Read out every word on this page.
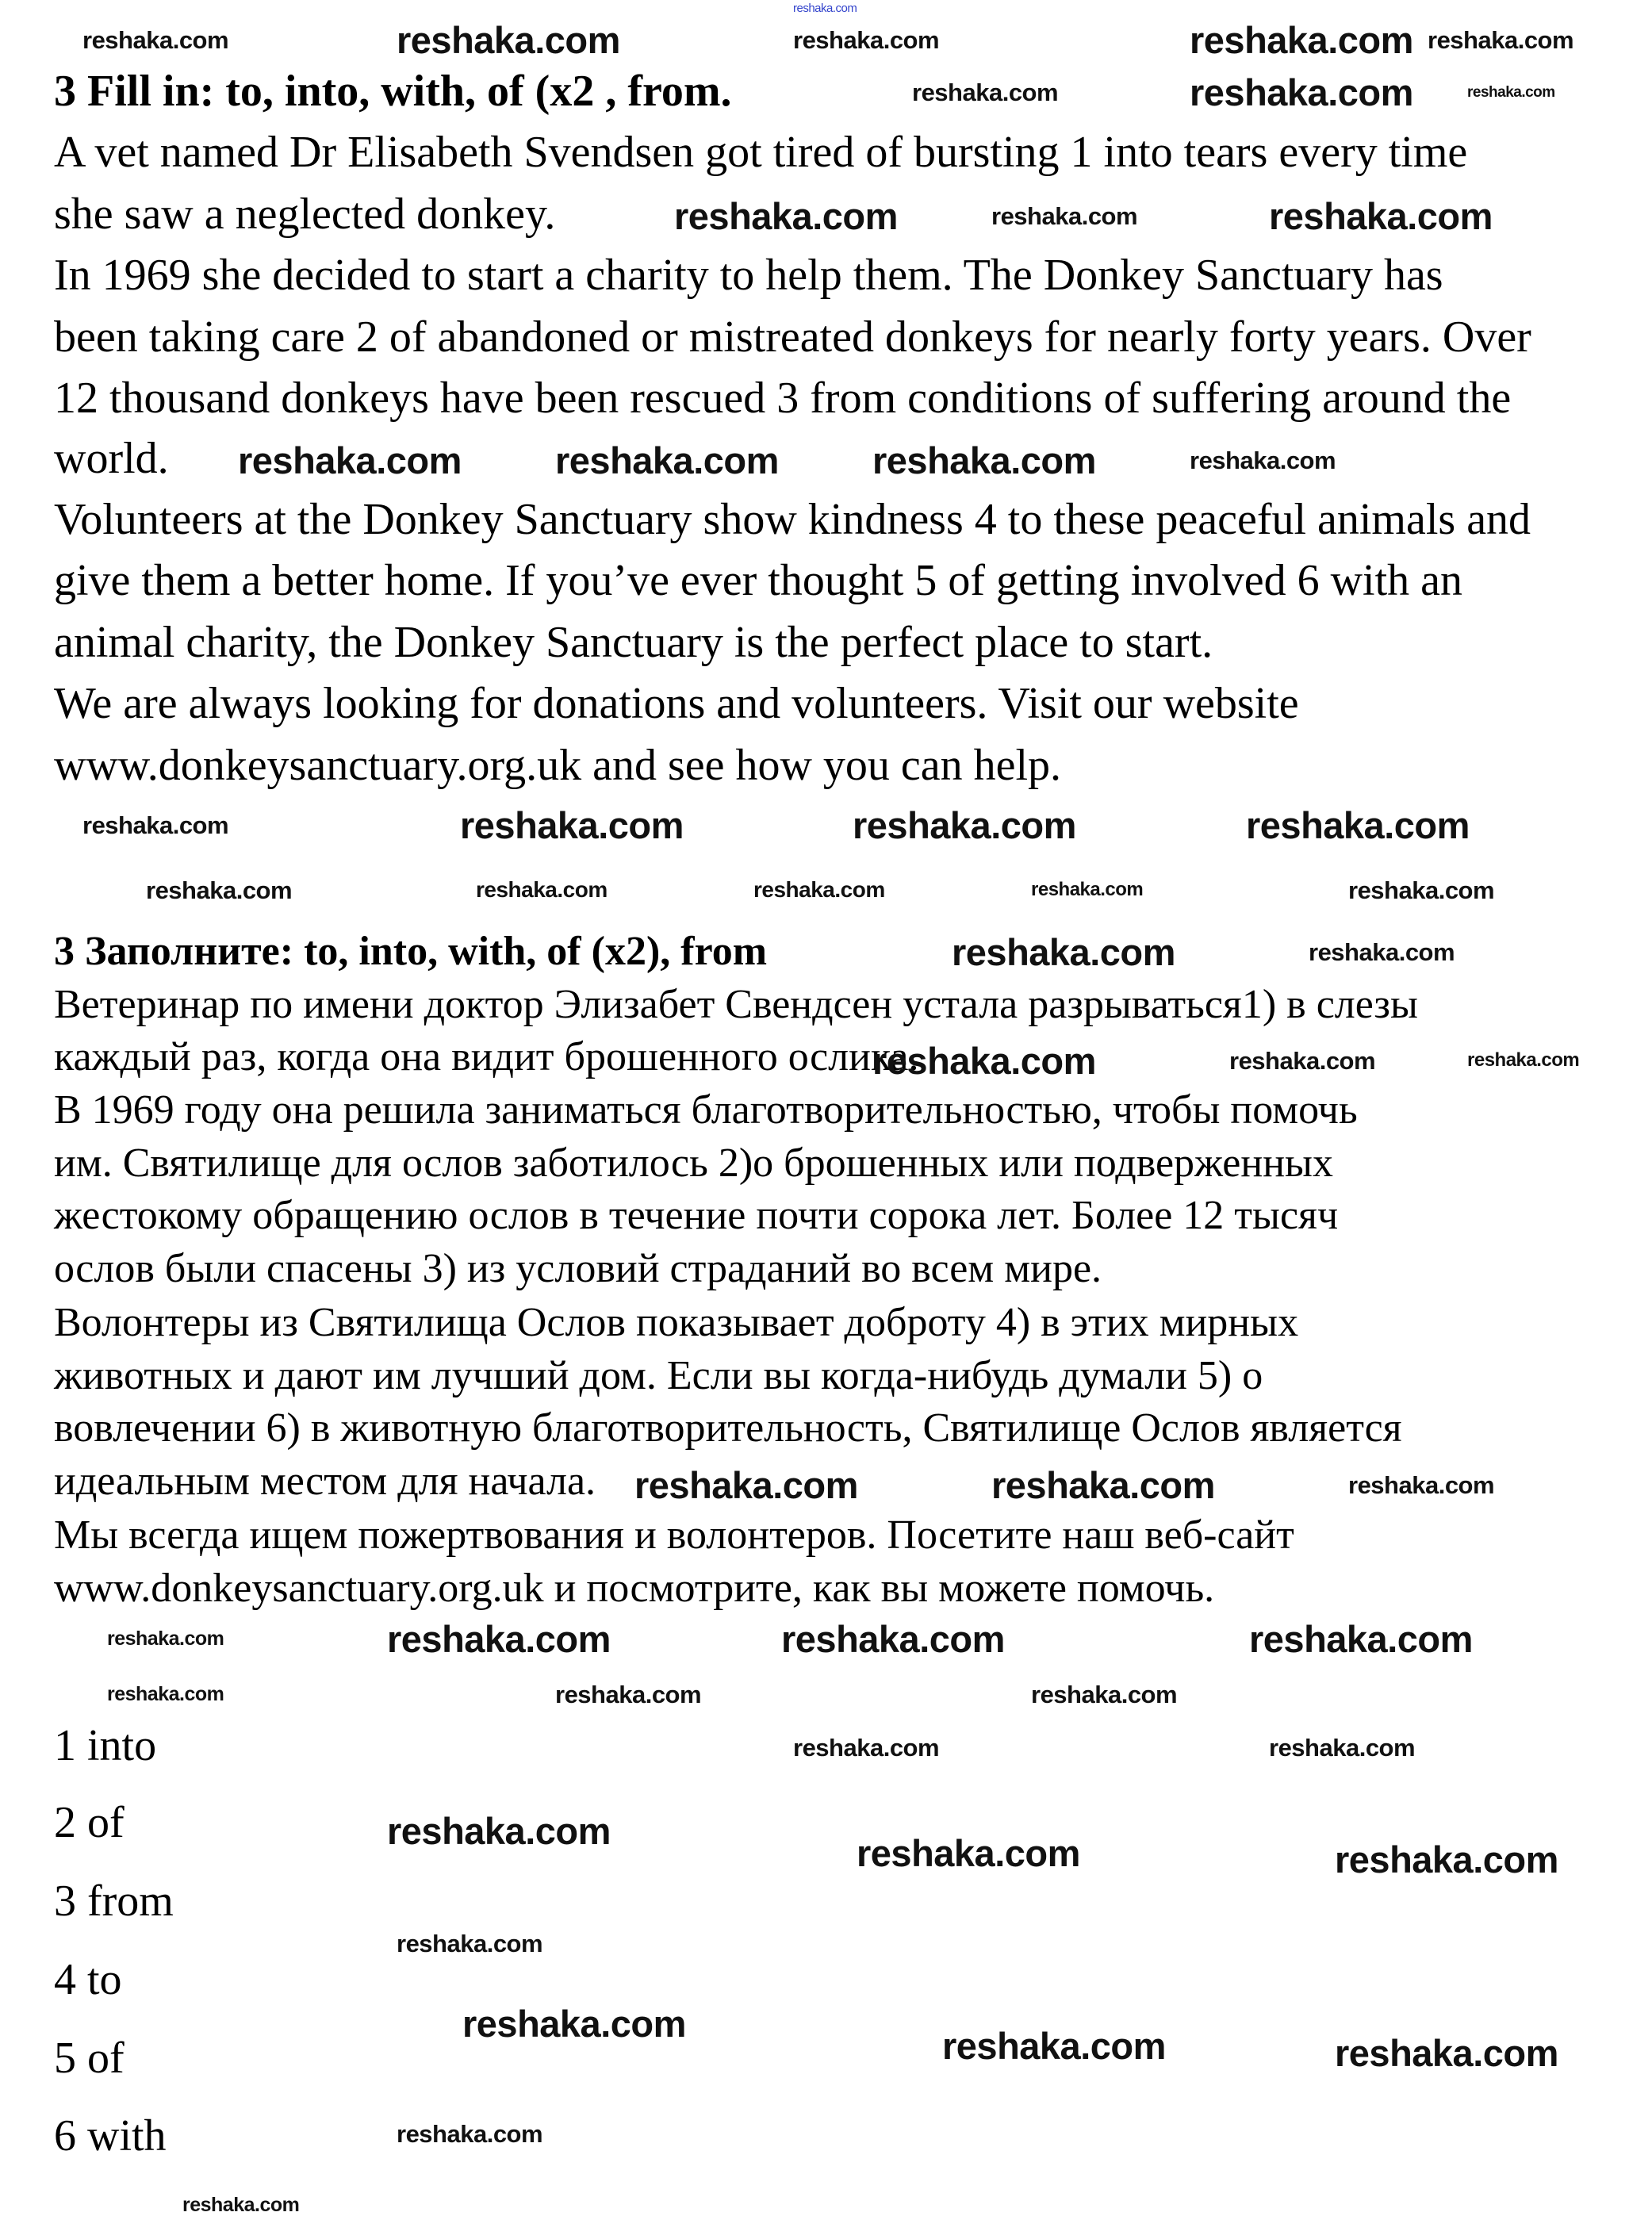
3 Fill in: to, into, with, of (x2 , from.
A vet named Dr Elisabeth Svendsen got tired of bursting 1 into tears every time
she saw a neglected donkey.
In 1969 she decided to start a charity to help them. The Donkey Sanctuary has
been taking care 2 of abandoned or mistreated donkeys for nearly forty years. Over
12 thousand donkeys have been rescued 3 from conditions of suffering around the
world.
Volunteers at the Donkey Sanctuary show kindness 4 to these peaceful animals and
give them a better home. If you’ve ever thought 5 of getting involved 6 with an
animal charity, the Donkey Sanctuary is the perfect place to start.
We are always looking for donations and volunteers. Visit our website
www.donkeysanctuary.org.uk and see how you can help.
3 Заполните: to, into, with, of (x2), from
Ветеринар по имени доктор Элизабет Свендсен устала разрываться1) в слезы
каждый раз, когда она видит брошенного ослика.
В 1969 году она решила заниматься благотворительностью, чтобы помочь
им. Святилище для ослов заботилось 2)о брошенных или подверженных
жестокому обращению ослов в течение почти сорока лет. Более 12 тысяч
ослов были спасены 3) из условий страданий во всем мире.
Волонтеры из Святилища Ослов показывает доброту 4) в этих мирных
животных и дают им лучший дом. Если вы когда-нибудь думали 5) о
вовлечении 6) в животную благотворительность, Святилище Ослов является
идеальным местом для начала.
Мы всегда ищем пожертвования и волонтеров. Посетите наш веб-сайт
www.donkeysanctuary.org.uk и посмотрите, как вы можете помочь.
1 into
2 of
3 from
4 to
5 of
6 with
reshaka.com
reshaka.com	reshaka.com	reshaka.com	reshaka.com reshaka.com
reshaka.com	reshaka.com	reshaka.com
reshaka.com	reshaka.com	reshaka.com
reshaka.com	reshaka.com	reshaka.com	reshaka.com
reshaka.com	reshaka.com	reshaka.com	reshaka.com
reshaka.com	reshaka.com	reshaka.com	reshaka.com	reshaka.com
reshaka.com	reshaka.com
reshaka.com	reshaka.com	reshaka.com
reshaka.com	reshaka.com	reshaka.com
reshaka.com	reshaka.com	reshaka.com	reshaka.com
reshaka.com	reshaka.com	reshaka.com
reshaka.com	reshaka.com
reshaka.com
reshaka.com	reshaka.com
reshaka.com
reshaka.com
reshaka.com	reshaka.com
reshaka.com
reshaka.com
